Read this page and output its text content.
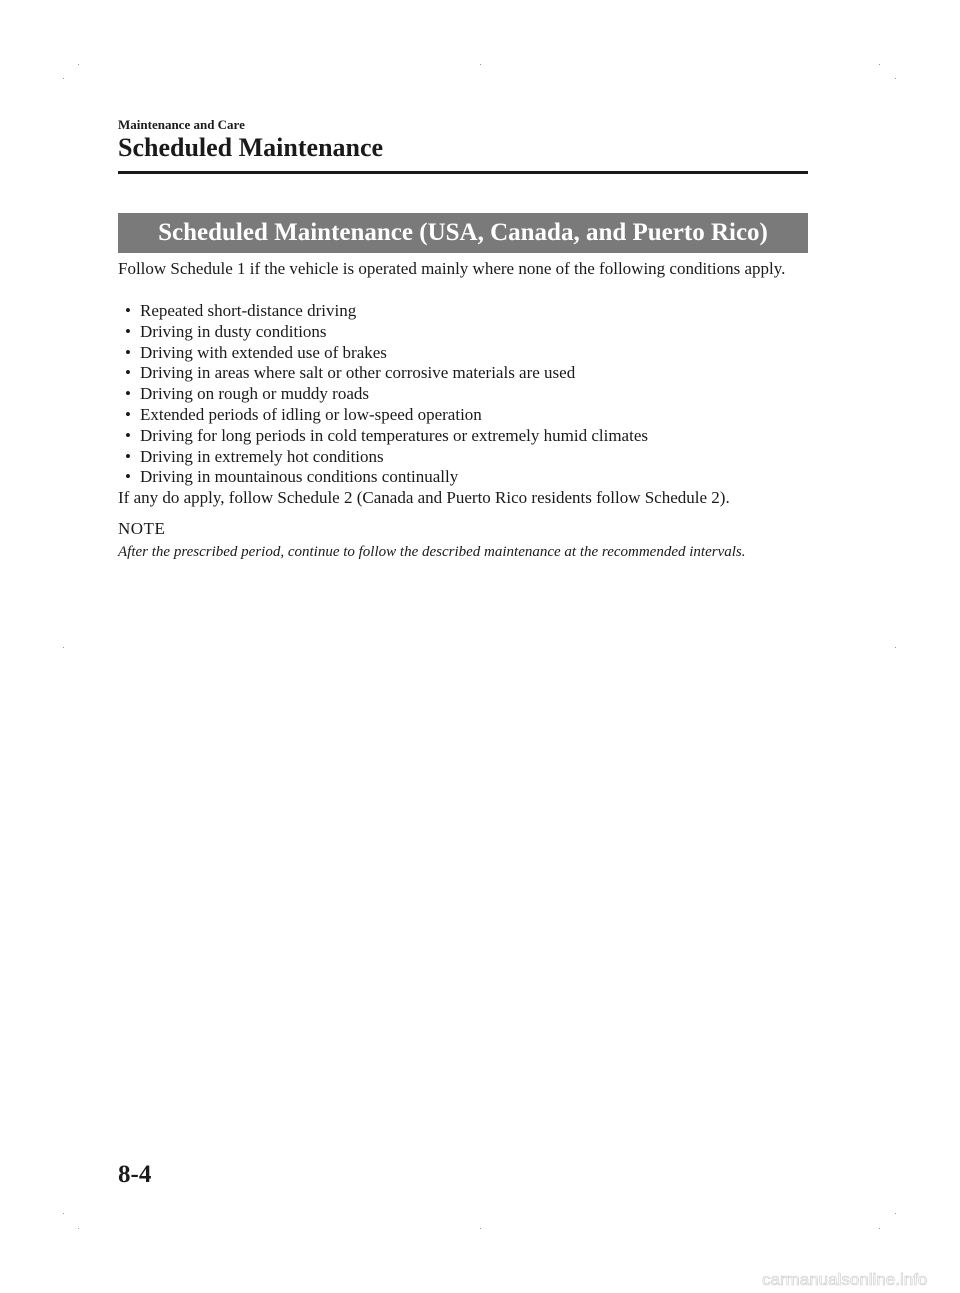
Maintenance and Care
Scheduled Maintenance
Scheduled Maintenance (USA, Canada, and Puerto Rico)
Follow Schedule 1 if the vehicle is operated mainly where none of the following conditions apply.
• Repeated short-distance driving
• Driving in dusty conditions
• Driving with extended use of brakes
• Driving in areas where salt or other corrosive materials are used
• Driving on rough or muddy roads
• Extended periods of idling or low-speed operation
• Driving for long periods in cold temperatures or extremely humid climates
• Driving in extremely hot conditions
• Driving in mountainous conditions continually
If any do apply, follow Schedule 2 (Canada and Puerto Rico residents follow Schedule 2).
NOTE
After the prescribed period, continue to follow the described maintenance at the recommended intervals.
8-4
carmanualsonline.info
